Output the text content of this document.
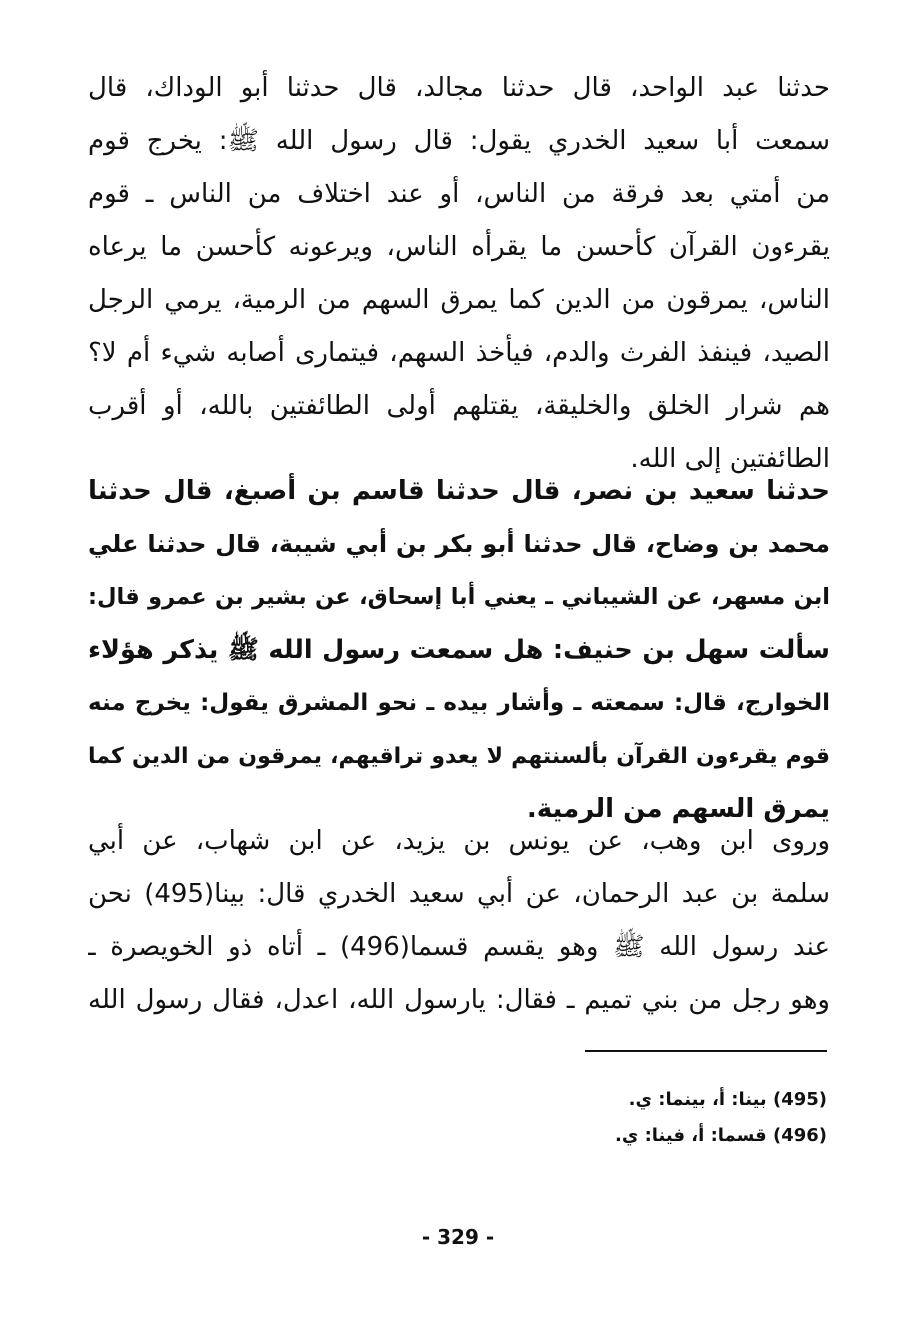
حدثنا عبد الواحد، قال حدثنا مجالد، قال حدثنا أبو الوداك، قال
سمعت أبا سعيد الخدري يقول: قال رسول الله ﷺ: يخرج قوم
من أمتي بعد فرقة من الناس، أو عند اختلاف من الناس ـ قوم
يقرءون القرآن كأحسن ما يقرأه الناس، ويرعونه كأحسن ما يرعاه
الناس، يمرقون من الدين كما يمرق السهم من الرمية، يرمي الرجل
الصيد، فينفذ الفرث والدم، فيأخذ السهم، فيتمارى أصابه شيء أم لا؟
هم شرار الخلق والخليقة، يقتلهم أولى الطائفتين بالله، أو أقرب
الطائفتين إلى الله.
حدثنا سعيد بن نصر، قال حدثنا قاسم بن أصبغ، قال حدثنا
محمد بن وضاح، قال حدثنا أبو بكر بن أبي شيبة، قال حدثنا علي
ابن مسهر، عن الشيباني ـ يعني أبا إسحاق، عن بشير بن عمرو قال:
سألت سهل بن حنيف: هل سمعت رسول الله ﷺ يذكر هؤلاء
الخوارج، قال: سمعته ـ وأشار بيده ـ نحو المشرق يقول: يخرج منه
قوم يقرءون القرآن بألسنتهم لا يعدو تراقيهم، يمرقون من الدين كما
يمرق السهم من الرمية.
وروى ابن وهب، عن يونس بن يزيد، عن ابن شهاب، عن أبي
سلمة بن عبد الرحمان، عن أبي سعيد الخدري قال: بينا(495) نحن
عند رسول الله ﷺ وهو يقسم قسما(496) ـ أتاه ذو الخويصرة ـ
وهو رجل من بني تميم ـ فقال: يارسول الله، اعدل، فقال رسول الله
(495) بينا: أ، بينما: ي.
(496) قسما: أ، فينا: ي.
- 329 -
